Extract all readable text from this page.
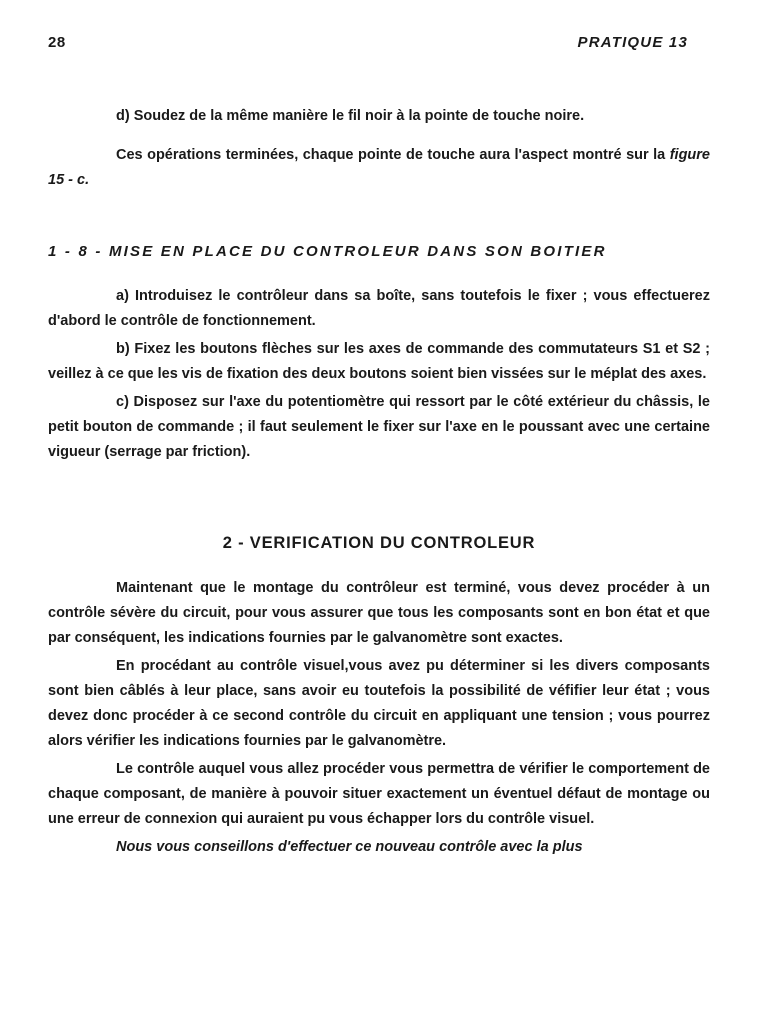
28	PRATIQUE 13

d) Soudez de la même manière le fil noir à la pointe de touche noire.

Ces opérations terminées, chaque pointe de touche aura l'aspect montré sur la figure 15 - c.

1 - 8 - MISE EN PLACE DU CONTROLEUR DANS SON BOITIER

a) Introduisez le contrôleur dans sa boîte, sans toutefois le fixer ; vous effectuerez d'abord le contrôle de fonctionnement.

b) Fixez les boutons flèches sur les axes de commande des commutateurs S1 et S2 ; veillez à ce que les vis de fixation des deux boutons soient bien vissées sur le méplat des axes.

c) Disposez sur l'axe du potentiomètre qui ressort par le côté extérieur du châssis, le petit bouton de commande ; il faut seulement le fixer sur l'axe en le poussant avec une certaine vigueur (serrage par friction).

2 - VERIFICATION DU CONTROLEUR

Maintenant que le montage du contrôleur est terminé, vous devez procéder à un contrôle sévère du circuit, pour vous assurer que tous les composants sont en bon état et que par conséquent, les indications fournies par le galvanomètre sont exactes.

En procédant au contrôle visuel,vous avez pu déterminer si les divers composants sont bien câblés à leur place, sans avoir eu toutefois la possibilité de véfifier leur état ; vous devez donc procéder à ce second contrôle du circuit en appliquant une tension ; vous pourrez alors vérifier les indications fournies par le galvanomètre.

Le contrôle auquel vous allez procéder vous permettra de vérifier le comportement de chaque composant, de manière à pouvoir situer exactement un éventuel défaut de montage ou une erreur de connexion qui auraient pu vous échapper lors du contrôle visuel.

Nous vous conseillons d'effectuer ce nouveau contrôle avec la plus
